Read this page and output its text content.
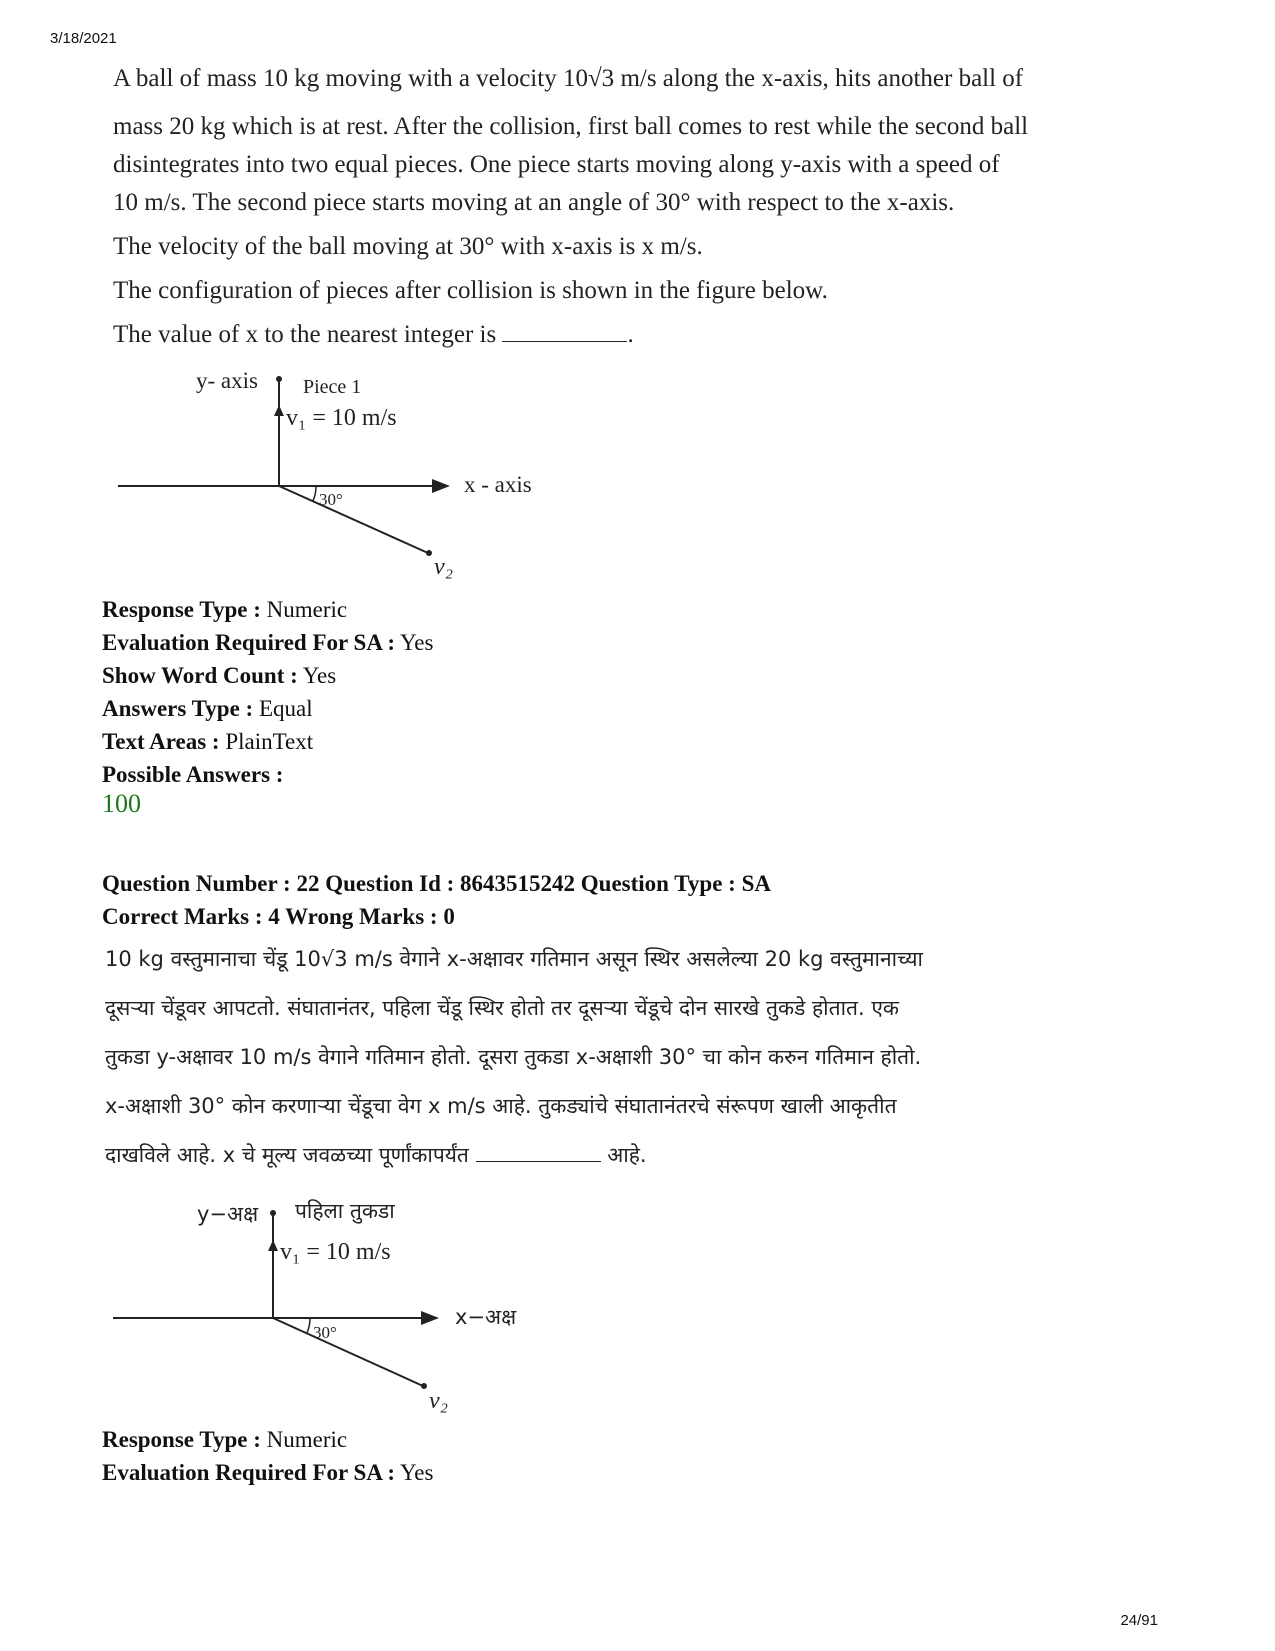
3/18/2021
24/91
A ball of mass 10 kg moving with a velocity 10√3 m/s along the x-axis, hits another ball of
mass 20 kg which is at rest. After the collision, first ball comes to rest while the second ball
disintegrates into two equal pieces. One piece starts moving along y-axis with a speed of
10 m/s. The second piece starts moving at an angle of 30° with respect to the x-axis.
The velocity of the ball moving at 30° with x-axis is x m/s.
The configuration of pieces after collision is shown in the figure below.
The value of x to the nearest integer is	.
y- axis Piece 1
v₁ = 10 m/s
x - axis
30°
v₂
Response Type : Numeric
Evaluation Required For SA : Yes
Show Word Count : Yes
Answers Type : Equal
Text Areas : PlainText
Possible Answers :
100
Question Number : 22 Question Id : 8643515242 Question Type : SA
Correct Marks : 4 Wrong Marks : 0
10 kg वस्तुमानाचा चेंडू 10√3 m/s वेगाने x-अक्षावर गतिमान असून स्थिर असलेल्या 20 kg वस्तुमानाच्या
दूसऱ्या चेंडूवर आपटतो. संघातानंतर, पहिला चेंडू स्थिर होतो तर दूसऱ्या चेंडूचे दोन सारखे तुकडे होतात. एक
तुकडा y-अक्षावर 10 m/s वेगाने गतिमान होतो. दूसरा तुकडा x-अक्षाशी 30° चा कोन करुन गतिमान होतो.
x-अक्षाशी 30° कोन करणाऱ्या चेंडूचा वेग x m/s आहे. तुकड्यांचे संघातानंतरचे संरूपण खाली आकृतीत
दाखविले आहे. x चे मूल्य जवळच्या पूर्णांकापर्यंत	आहे.
y−अक्ष पहिला तुकडा
v₁ = 10 m/s
x−अक्ष
30°
v₂
Response Type : Numeric
Evaluation Required For SA : Yes
